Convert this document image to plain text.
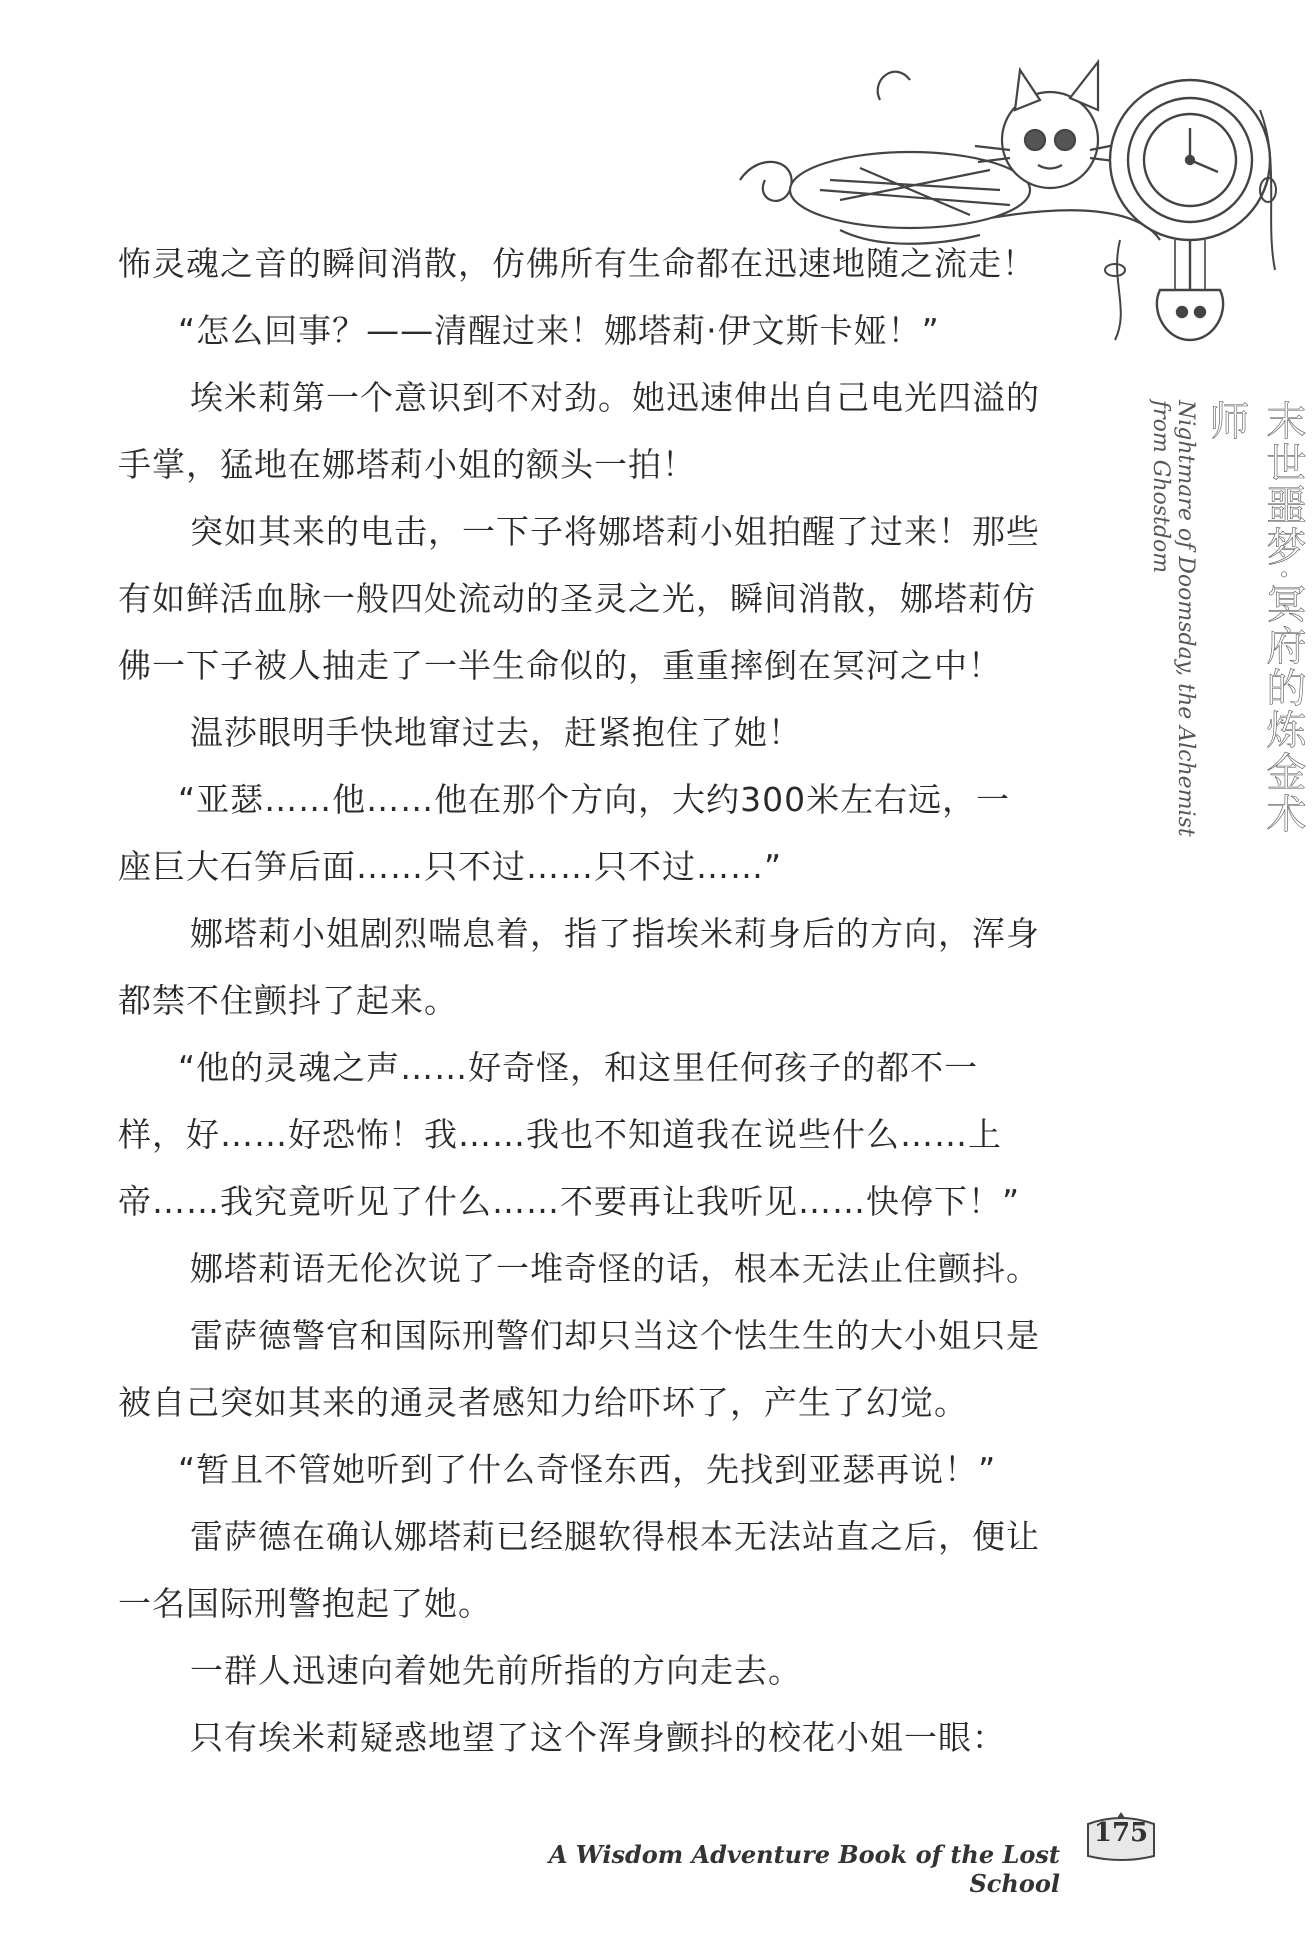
怖灵魂之音的瞬间消散，仿佛所有生命都在迅速地随之流走！
“怎么回事？——清醒过来！娜塔莉·伊文斯卡娅！”
埃米莉第一个意识到不对劲。她迅速伸出自己电光四溢的
手掌，猛地在娜塔莉小姐的额头一拍！
突如其来的电击，一下子将娜塔莉小姐拍醒了过来！那些
有如鲜活血脉一般四处流动的圣灵之光，瞬间消散，娜塔莉仿
佛一下子被人抽走了一半生命似的，重重摔倒在冥河之中！
温莎眼明手快地窜过去，赶紧抱住了她！
“亚瑟……他……他在那个方向，大约300米左右远，一
座巨大石笋后面……只不过……只不过……”
娜塔莉小姐剧烈喘息着，指了指埃米莉身后的方向，浑身
都禁不住颤抖了起来。
“他的灵魂之声……好奇怪，和这里任何孩子的都不一
样，好……好恐怖！我……我也不知道我在说些什么……上
帝……我究竟听见了什么……不要再让我听见……快停下！”
娜塔莉语无伦次说了一堆奇怪的话，根本无法止住颤抖。
雷萨德警官和国际刑警们却只当这个怯生生的大小姐只是
被自己突如其来的通灵者感知力给吓坏了，产生了幻觉。
“暂且不管她听到了什么奇怪东西，先找到亚瑟再说！”
雷萨德在确认娜塔莉已经腿软得根本无法站直之后，便让
一名国际刑警抱起了她。
一群人迅速向着她先前所指的方向走去。
只有埃米莉疑惑地望了这个浑身颤抖的校花小姐一眼：
Nightmare of Doomsday, the Alchemist from Ghostdom	末世噩梦·冥府的炼金术师
A Wisdom Adventure Book of the Lost School
175
